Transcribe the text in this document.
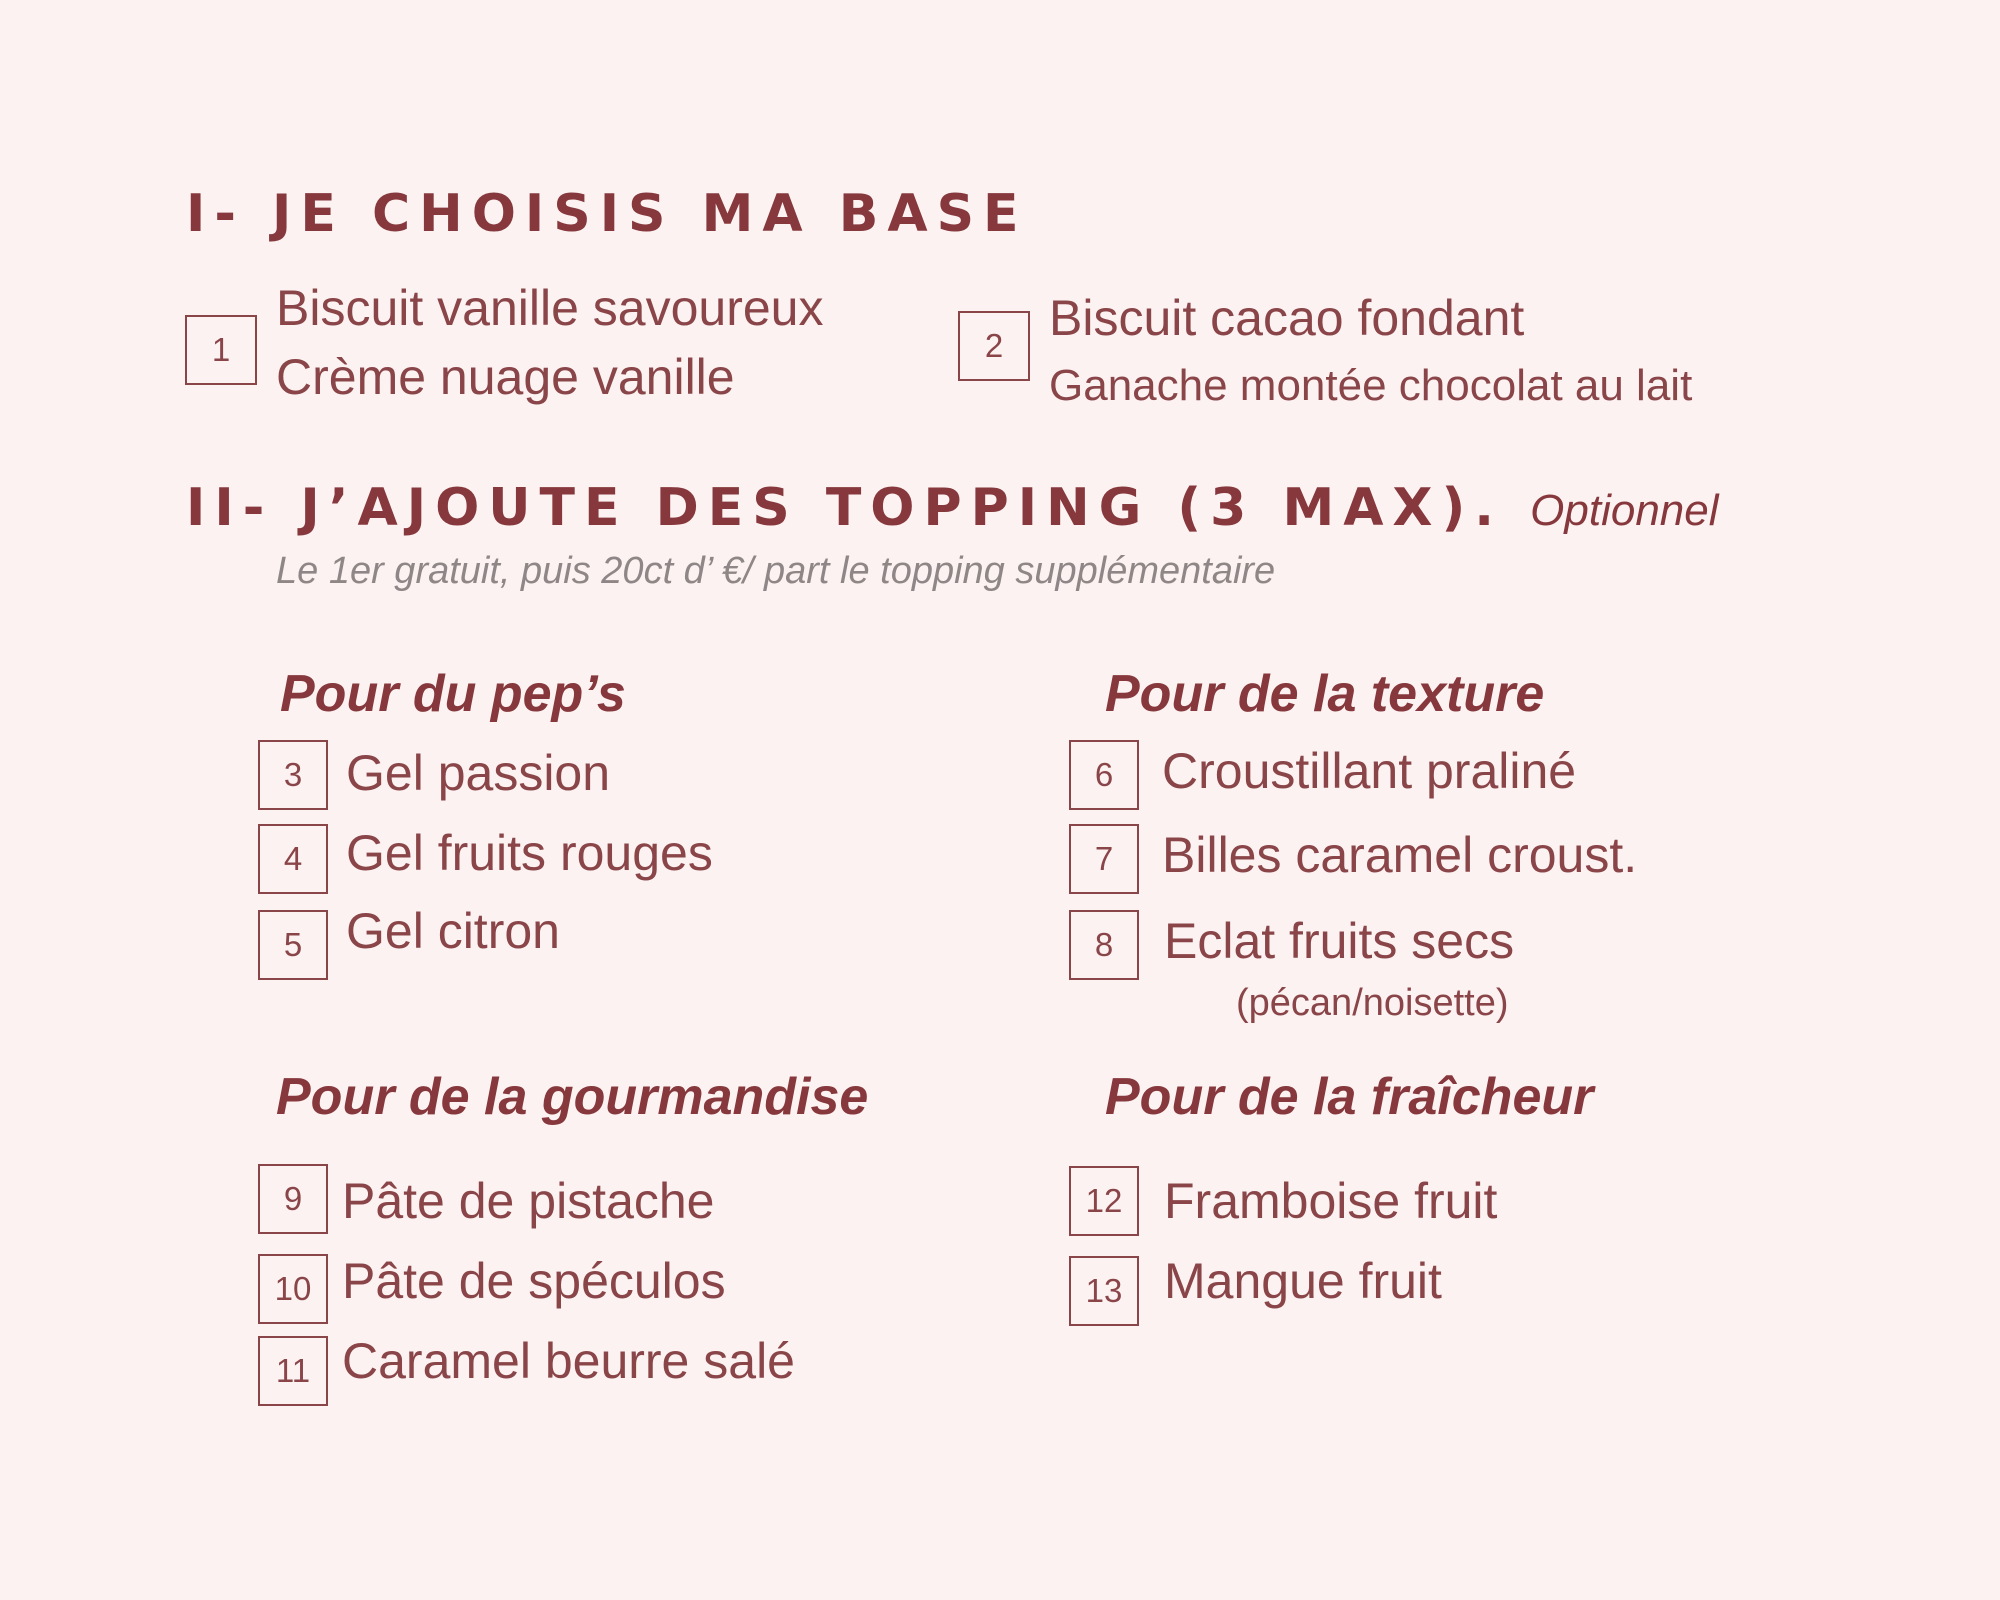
I- JE CHOISIS MA BASE
1
Biscuit vanille savoureux
Crème nuage vanille
2 Biscuit cacao fondant
Ganache montée chocolat au lait
II- J’AJOUTE DES TOPPING (3 MAX). Optionnel
Le 1er gratuit, puis 20ct d’ €/ part le topping supplémentaire
Pour du pep’s
3 Gel passion
4 Gel fruits rouges
5 Gel citron
Pour de la texture
6 Croustillant praliné
7 Billes caramel croust.
8 Eclat fruits secs
(pécan/noisette)
Pour de la gourmandise
9 Pâte de pistache
10 Pâte de spéculos
11 Caramel beurre salé
Pour de la fraîcheur
12 Framboise fruit
13 Mangue fruit
